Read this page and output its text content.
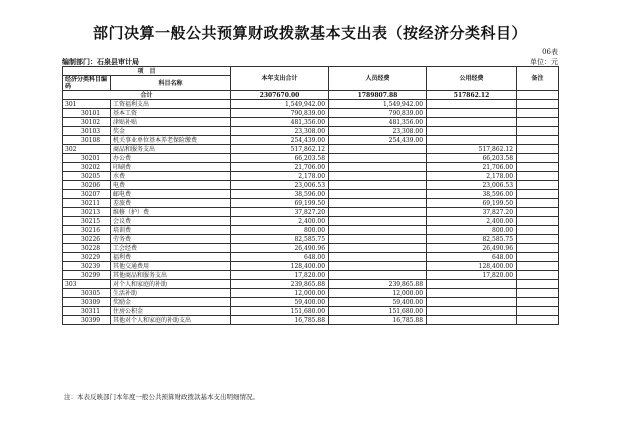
部门决算一般公共预算财政拨款基本支出表（按经济分类科目）
06表
编制部门：石泉县审计局	单位：元
项　目		本年支出合计	人员经费	公用经费	备注
经济分类科目编码	科目名称				

合计		2307670.00	1789807.88	517862.12	
301	工资福利支出	1,549,942.00	1,549,942.00		
30101	基本工资	790,839.00	790,839.00		
30102	津贴补贴	481,356.00	481,356.00		
30103	奖金	23,308.00	23,308.00		
30108	机关事业单位基本养老保险缴费	254,439.00	254,439.00		
302	商品和服务支出	517,862.12		517,862.12	
30201	办公费	66,203.58		66,203.58	
30202	印刷费	21,706.00		21,706.00	
30205	水费	2,178.00		2,178.00	
30206	电费	23,006.53		23,006.53	
30207	邮电费	38,596.00		38,596.00	
30211	差旅费	69,199.50		69,199.50	
30213	维修（护）费	37,827.20		37,827.20	
30215	会议费	2,400.00		2,400.00	
30216	培训费	800.00		800.00	
30226	劳务费	82,585.75		82,585.75	
30228	工会经费	26,490.96		26,490.96	
30229	福利费	648.00		648.00	
30239	其他交通费用	128,400.00		128,400.00	
30299	其他商品和服务支出	17,820.00		17,820.00	
303	对个人和家庭的补助	239,865.88	239,865.88		
30305	生活补助	12,000.00	12,000.00		
30309	奖励金	59,400.00	59,400.00		
30311	住房公积金	151,680.00	151,680.00		
30399	其他对个人和家庭的补助支出	16,785.88	16,785.88		
注：本表反映部门本年度一般公共预算财政拨款基本支出明细情况。
